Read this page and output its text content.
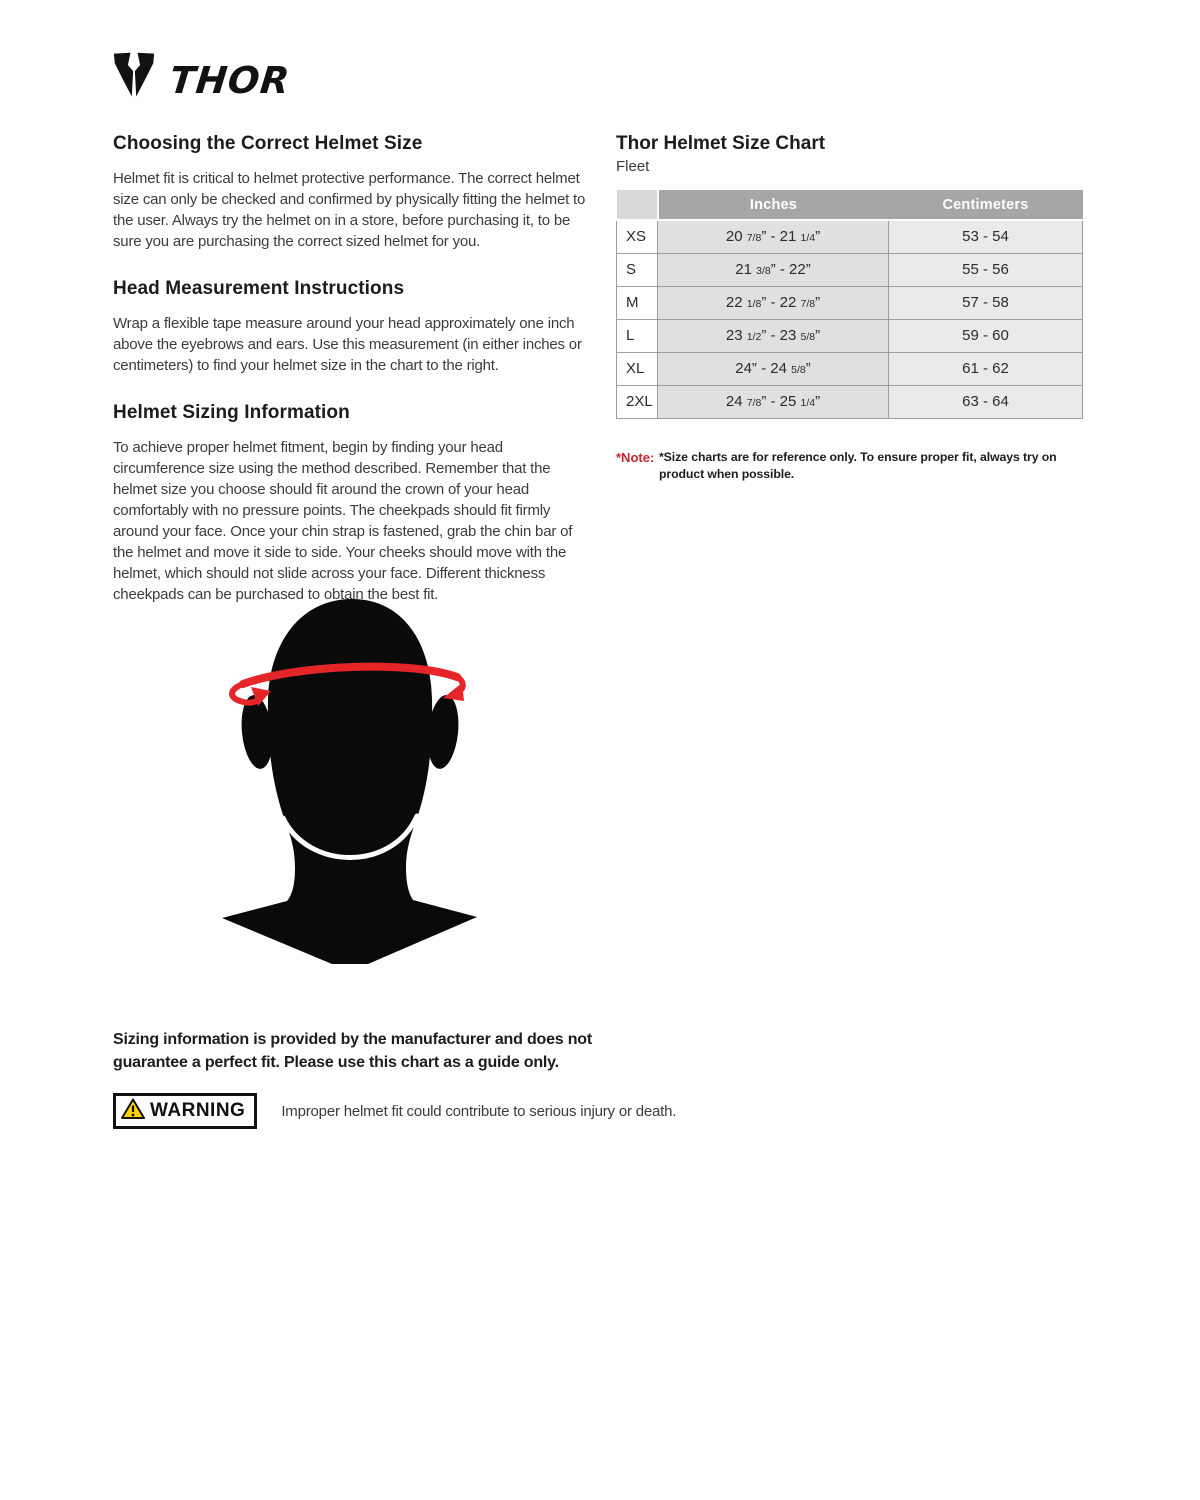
THOR
Choosing the Correct Helmet Size

Helmet fit is critical to helmet protective performance. The correct helmet size can only be checked and confirmed by physically fitting the helmet to the user. Always try the helmet on in a store, before purchasing it, to be sure you are purchasing the correct sized helmet for you.

Head Measurement Instructions

Wrap a flexible tape measure around your head approximately one inch above the eyebrows and ears. Use this measurement (in either inches or centimeters) to find your helmet size in the chart to the right.

Helmet Sizing Information

To achieve proper helmet fitment, begin by finding your head circumference size using the method described. Remember that the helmet size you choose should fit around the crown of your head comfortably with no pressure points. The cheekpads should fit firmly around your face. Once your chin strap is fastened, grab the chin bar of the helmet and move it side to side. Your cheeks should move with the helmet, which should not slide across your face. Different thickness cheekpads can be purchased to obtain the best fit.

Thor Helmet Size Chart
Fleet
	Inches	Centimeters
XS	20 7/8” - 21 1/4”	53 - 54
S	21 3/8” - 22”	55 - 56
M	22 1/8” - 22 7/8”	57 - 58
L	23 1/2” - 23 5/8”	59 - 60
XL	24” - 24 5/8”	61 - 62
2XL	24 7/8” - 25 1/4”	63 - 64
*Note: *Size charts are for reference only. To ensure proper fit, always try on product when possible.
Sizing information is provided by the manufacturer and does not guarantee a perfect fit. Please use this chart as a guide only.
WARNING Improper helmet fit could contribute to serious injury or death.
